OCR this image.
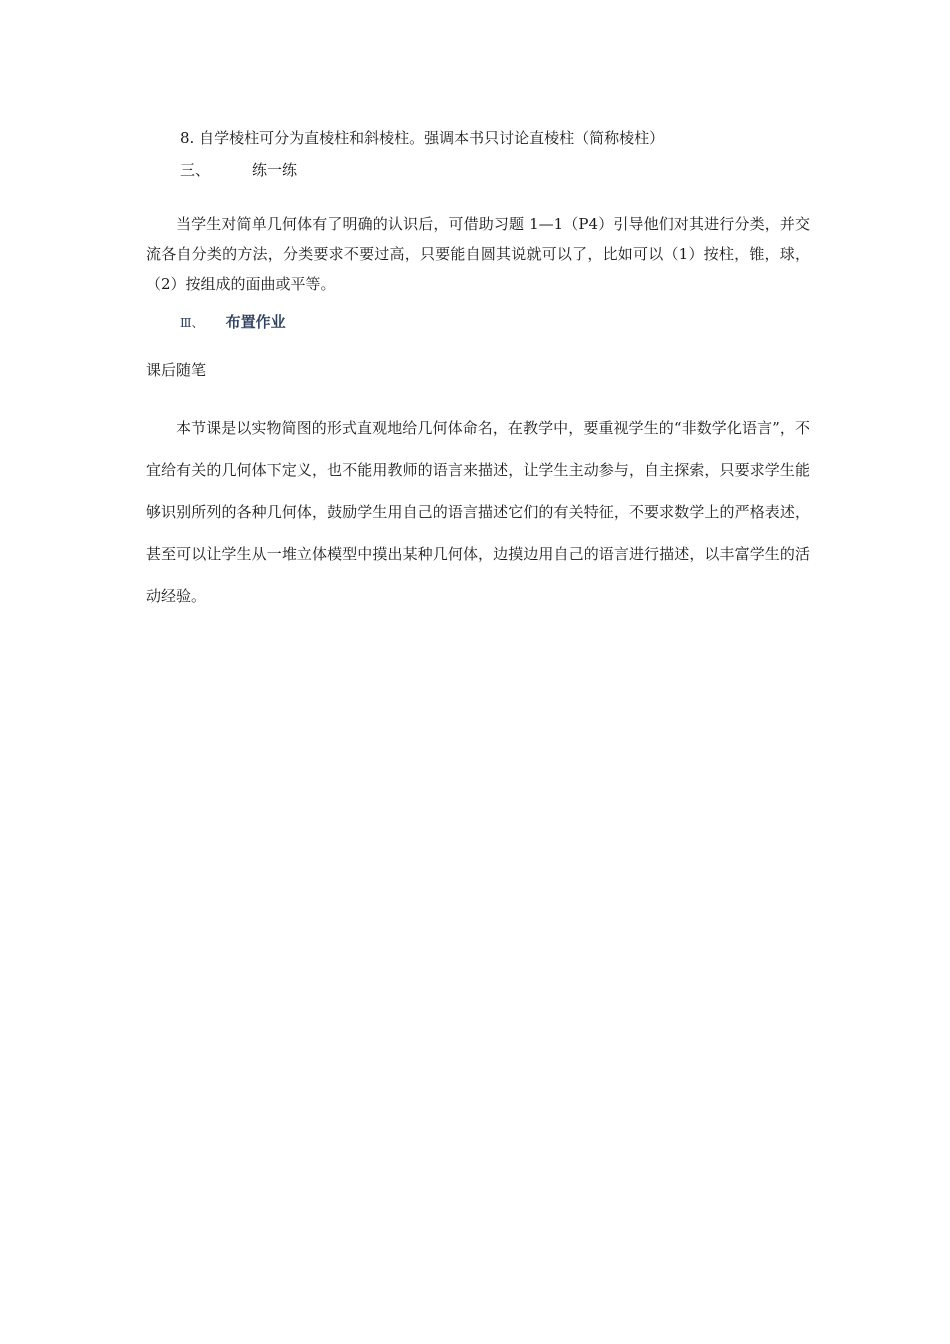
8. 自学棱柱可分为直棱柱和斜棱柱。强调本书只讨论直棱柱（简称棱柱）
三、	练一练
当学生对简单几何体有了明确的认识后，可借助习题 1—1（P4）引导他们对其进行分类，并交流各自分类的方法，分类要求不要过高，只要能自圆其说就可以了，比如可以（1）按柱，锥，球，（2）按组成的面曲或平等。
Ⅲ、 布置作业
课后随笔
本节课是以实物简图的形式直观地给几何体命名，在教学中，要重视学生的“非数学化语言”，不宜给有关的几何体下定义，也不能用教师的语言来描述，让学生主动参与，自主探索，只要求学生能够识别所列的各种几何体，鼓励学生用自己的语言描述它们的有关特征，不要求数学上的严格表述，甚至可以让学生从一堆立体模型中摸出某种几何体，边摸边用自己的语言进行描述，以丰富学生的活动经验。
